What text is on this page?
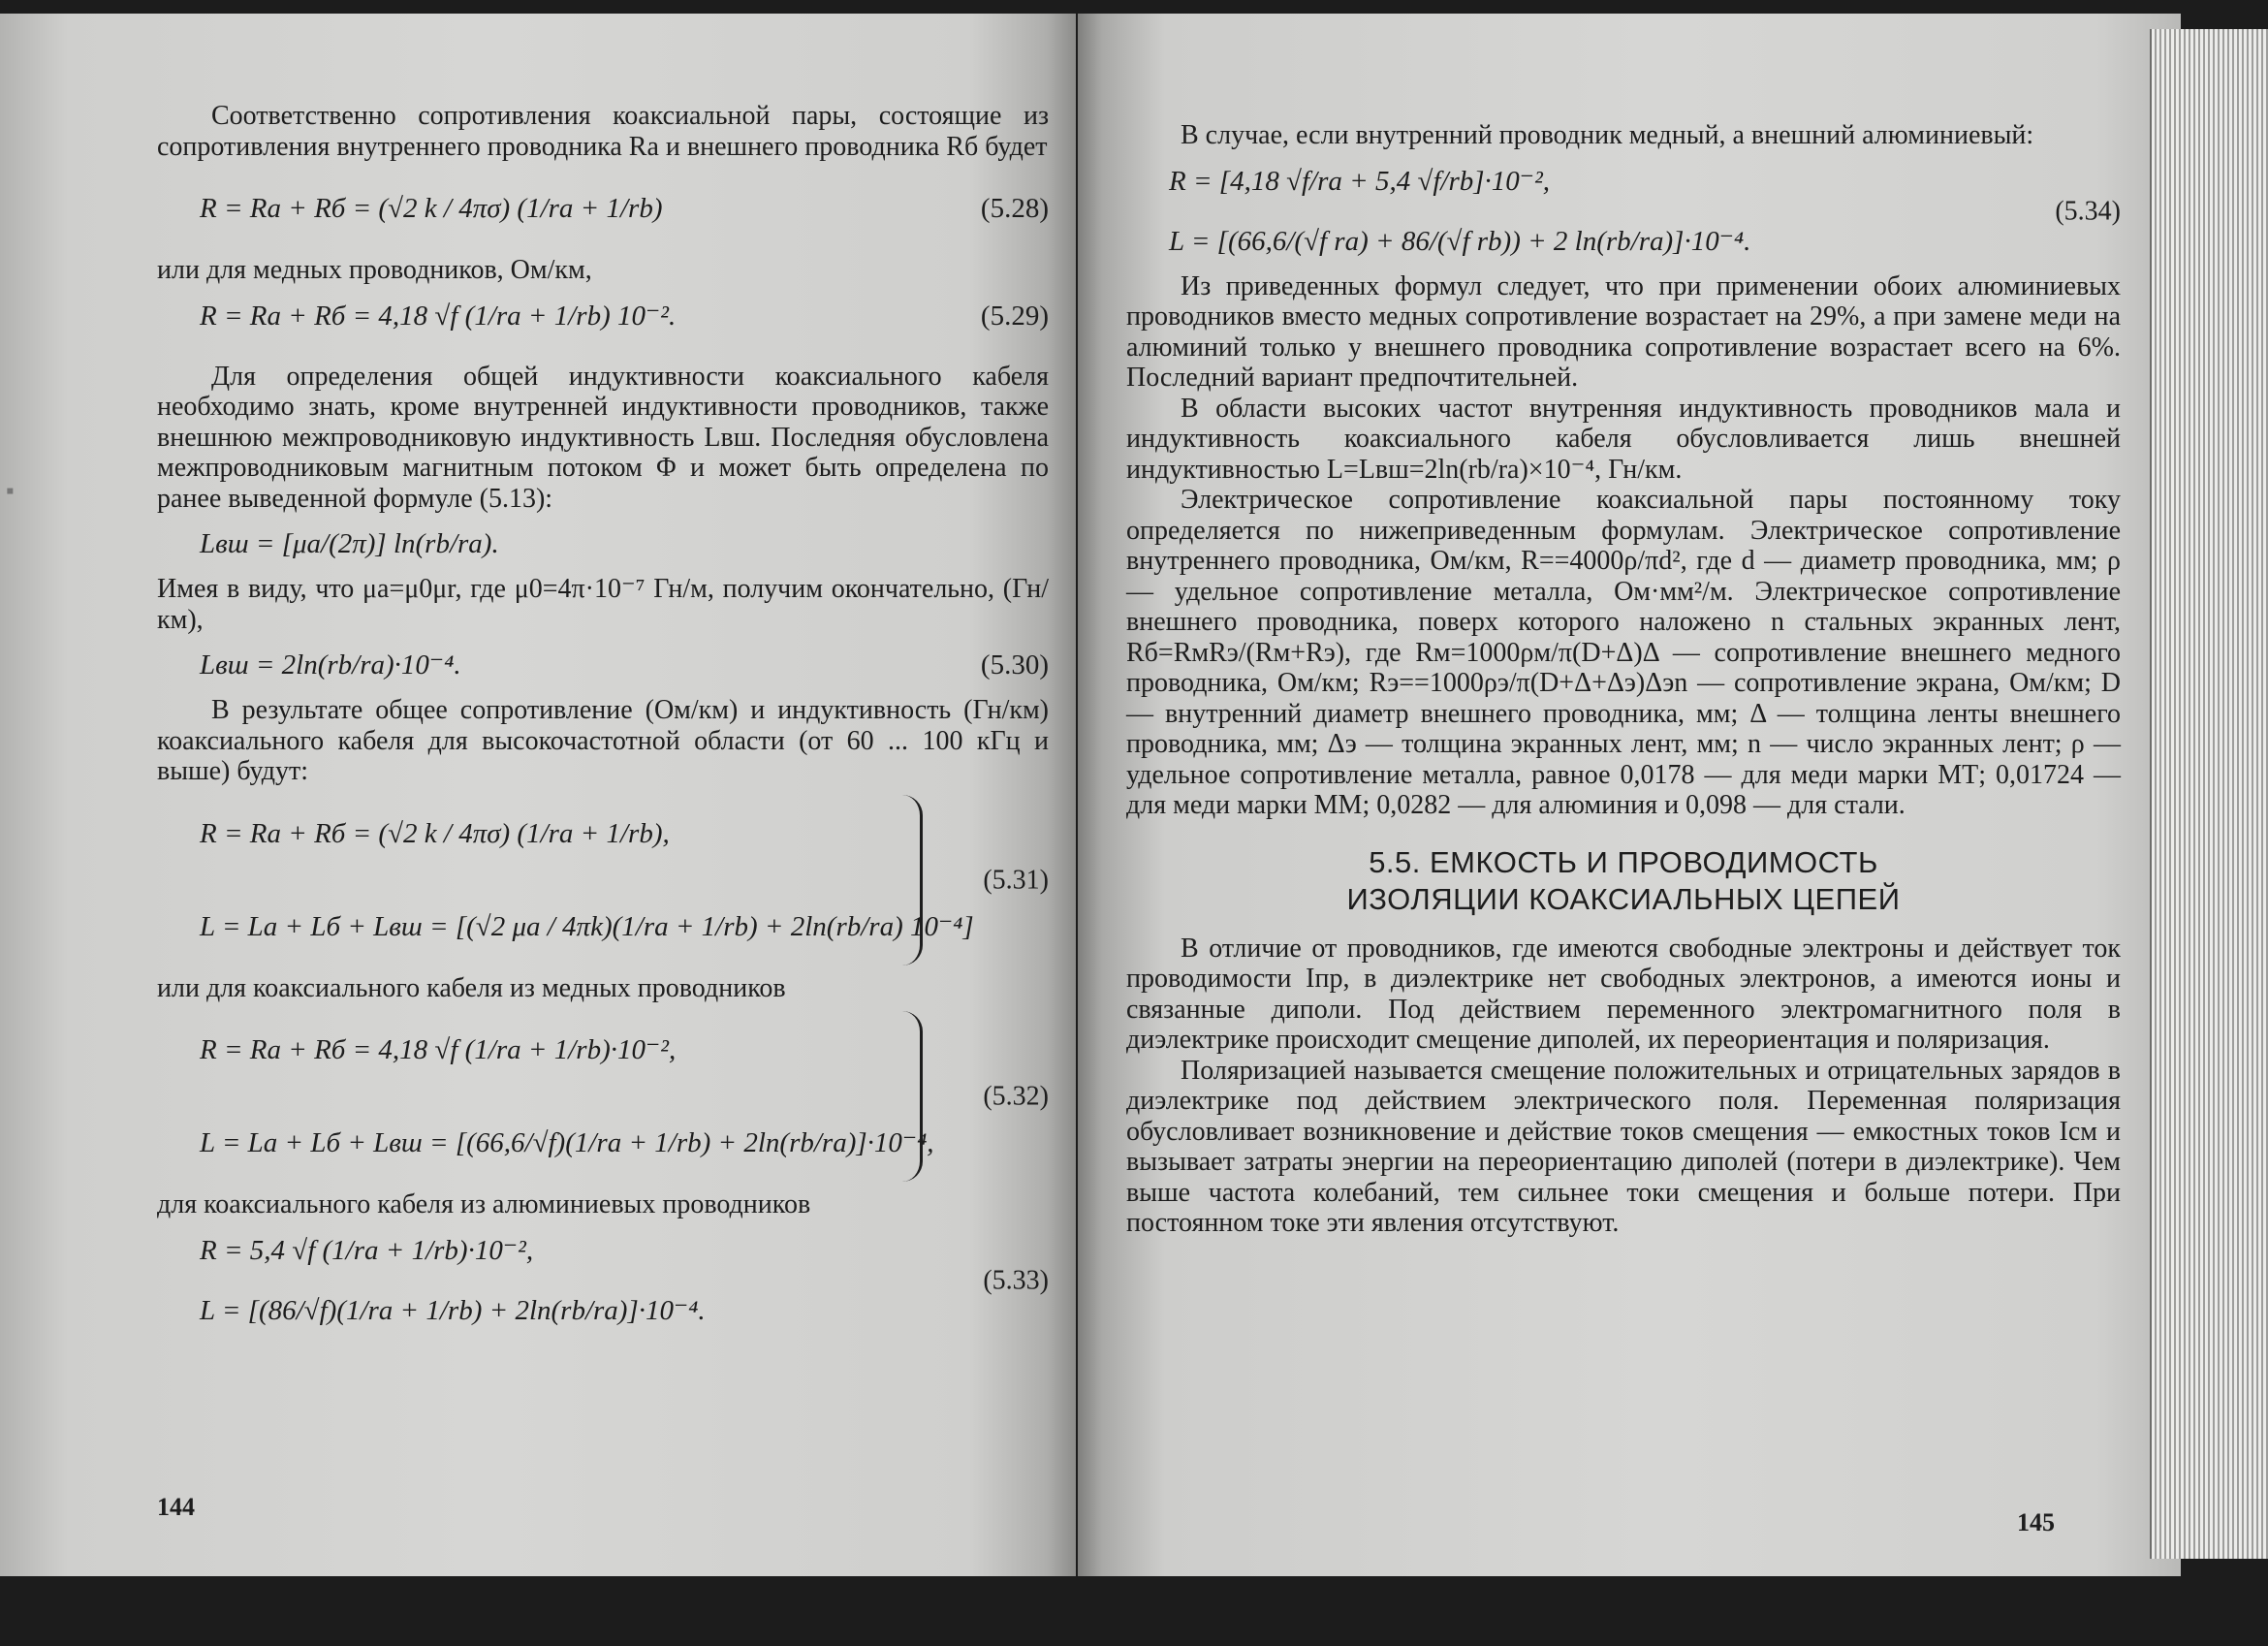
▪

Соответственно сопротивления коаксиальной пары, состоящие из сопротивления внутреннего проводника Rа и внешнего проводника Rб будет

R = Rа + Rб = (√2 k / 4πσ) (1/ra + 1/rb)	(5.28)

или для медных проводников, Ом/км,

R = Rа + Rб = 4,18 √f (1/ra + 1/rb) 10⁻².	(5.29)

Для определения общей индуктивности коаксиального кабеля необходимо знать, кроме внутренней индуктивности проводников, также внешнюю межпроводниковую индуктивность Lвш. Последняя обусловлена межпроводниковым магнитным потоком Φ и может быть определена по ранее выведенной формуле (5.13):

Lвш = [μa/(2π)] ln(rb/ra).

Имея в виду, что μa=μ0μr, где μ0=4π·10⁻⁷ Гн/м, получим окончательно, (Гн/км),

Lвш = 2ln(rb/ra)·10⁻⁴.	(5.30)

В результате общее сопротивление (Ом/км) и индуктивность (Гн/км) коаксиального кабеля для высокочастотной области (от 60 ... 100 кГц и выше) будут:

R = Rа + Rб = (√2 k / 4πσ) (1/ra + 1/rb),
L = Lа + Lб + Lвш = [(√2 μa / 4πk)(1/ra + 1/rb) + 2ln(rb/ra) 10⁻⁴]
(5.31)

или для коаксиального кабеля из медных проводников

R = Rа + Rб = 4,18 √f (1/ra + 1/rb)·10⁻²,
L = Lа + Lб + Lвш = [(66,6/√f)(1/ra + 1/rb) + 2ln(rb/ra)]·10⁻⁴,
(5.32)

для коаксиального кабеля из алюминиевых проводников

R = 5,4 √f (1/ra + 1/rb)·10⁻²,
L = [(86/√f)(1/ra + 1/rb) + 2ln(rb/ra)]·10⁻⁴.
(5.33)
144

В случае, если внутренний проводник медный, а внешний алюминиевый:

R = [4,18 √f/ra + 5,4 √f/rb]·10⁻²,
L = [(66,6/(√f ra) + 86/(√f rb)) + 2 ln(rb/ra)]·10⁻⁴.
(5.34)

Из приведенных формул следует, что при применении обоих алюминиевых проводников вместо медных сопротивление возрастает на 29%, а при замене меди на алюминий только у внешнего проводника сопротивление возрастает всего на 6%. Последний вариант предпочтительней.

В области высоких частот внутренняя индуктивность проводников мала и индуктивность коаксиального кабеля обусловливается лишь внешней индуктивностью L=Lвш=2ln(rb/ra)×10⁻⁴, Гн/км.

Электрическое сопротивление коаксиальной пары постоянному току определяется по нижеприведенным формулам. Электрическое сопротивление внутреннего проводника, Ом/км, R==4000ρ/πd², где d — диаметр проводника, мм; ρ — удельное сопротивление металла, Ом·мм²/м. Электрическое сопротивление внешнего проводника, поверх которого наложено n стальных экранных лент, Rб=RмRэ/(Rм+Rэ), где Rм=1000ρм/π(D+Δ)Δ — сопротивление внешнего медного проводника, Ом/км; Rэ==1000ρэ/π(D+Δ+Δэ)Δэn — сопротивление экрана, Ом/км; D — внутренний диаметр внешнего проводника, мм; Δ — толщина ленты внешнего проводника, мм; Δэ — толщина экранных лент, мм; n — число экранных лент; ρ — удельное сопротивление металла, равное 0,0178 — для меди марки МТ; 0,01724 — для меди марки ММ; 0,0282 — для алюминия и 0,098 — для стали.

5.5. ЕМКОСТЬ И ПРОВОДИМОСТЬ
ИЗОЛЯЦИИ КОАКСИАЛЬНЫХ ЦЕПЕЙ

В отличие от проводников, где имеются свободные электроны и действует ток проводимости Iпр, в диэлектрике нет свободных электронов, а имеются ионы и связанные диполи. Под действием переменного электромагнитного поля в диэлектрике происходит смещение диполей, их переориентация и поляризация.

Поляризацией называется смещение положительных и отрицательных зарядов в диэлектрике под действием электрического поля. Переменная поляризация обусловливает возникновение и действие токов смещения — емкостных токов Iсм и вызывает затраты энергии на переориентацию диполей (потери в диэлектрике). Чем выше частота колебаний, тем сильнее токи смещения и больше потери. При постоянном токе эти явления отсутствуют.

145
